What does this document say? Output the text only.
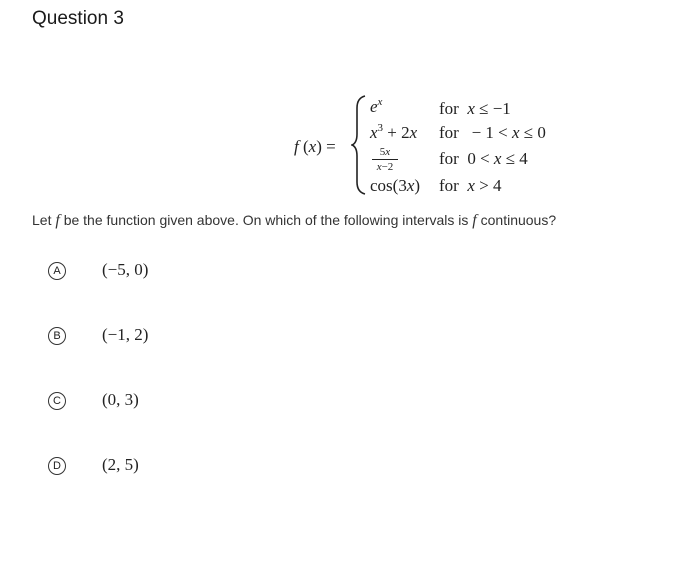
Question 3
f (x) =
$e^x$	for  x ≤ −1
$x^3 + 2x$ for   − 1 < x ≤ 0
$\frac{5x}{x-2}$ for  0 < x ≤ 4
cos(3x) for  x > 4
Let f be the function given above. On which of the following intervals is f continuous?
A	(−5, 0)
B	(−1, 2)
C (0, 3)
D (2, 5)
